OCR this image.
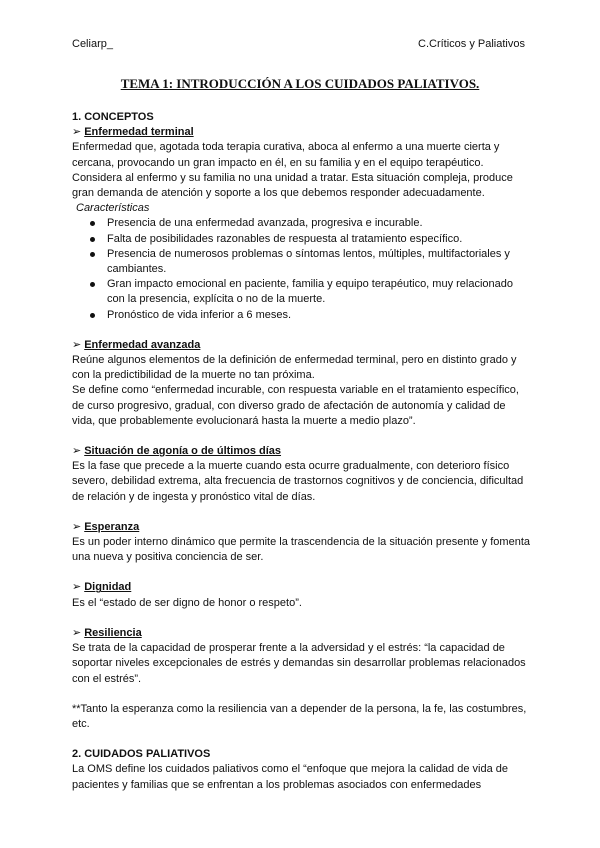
Celiarp_	C.Críticos y Paliativos
TEMA 1: INTRODUCCIÓN A LOS CUIDADOS PALIATIVOS.

1. CONCEPTOS

➢ Enfermedad terminal

Enfermedad que, agotada toda terapia curativa, aboca al enfermo a una muerte cierta y cercana, provocando un gran impacto en él, en su familia y en el equipo terapéutico. Considera al enfermo y su familia no una unidad a tratar. Esta situación compleja, produce gran demanda de atención y soporte a los que debemos responder adecuadamente.

Características

Presencia de una enfermedad avanzada, progresiva e incurable.
Falta de posibilidades razonables de respuesta al tratamiento específico.
Presencia de numerosos problemas o síntomas lentos, múltiples, multifactoriales y cambiantes.
Gran impacto emocional en paciente, familia y equipo terapéutico, muy relacionado con la presencia, explícita o no de la muerte.
Pronóstico de vida inferior a 6 meses.

➢ Enfermedad avanzada

Reúne algunos elementos de la definición de enfermedad terminal, pero en distinto grado y con la predictibilidad de la muerte no tan próxima.

Se define como “enfermedad incurable, con respuesta variable en el tratamiento específico, de curso progresivo, gradual, con diverso grado de afectación de autonomía y calidad de vida, que probablemente evolucionará hasta la muerte a medio plazo”.

➢ Situación de agonía o de últimos días

Es la fase que precede a la muerte cuando esta ocurre gradualmente, con deterioro físico severo, debilidad extrema, alta frecuencia de trastornos cognitivos y de conciencia, dificultad de relación y de ingesta y pronóstico vital de días.

➢ Esperanza

Es un poder interno dinámico que permite la trascendencia de la situación presente y fomenta una nueva y positiva conciencia de ser.

➢ Dignidad

Es el “estado de ser digno de honor o respeto”.

➢ Resiliencia

Se trata de la capacidad de prosperar frente a la adversidad y el estrés: “la capacidad de soportar niveles excepcionales de estrés y demandas sin desarrollar problemas relacionados con el estrés”.

**Tanto la esperanza como la resiliencia van a depender de la persona, la fe, las costumbres, etc.

2. CUIDADOS PALIATIVOS

La OMS define los cuidados paliativos como el “enfoque que mejora la calidad de vida de pacientes y familias que se enfrentan a los problemas asociados con enfermedades
